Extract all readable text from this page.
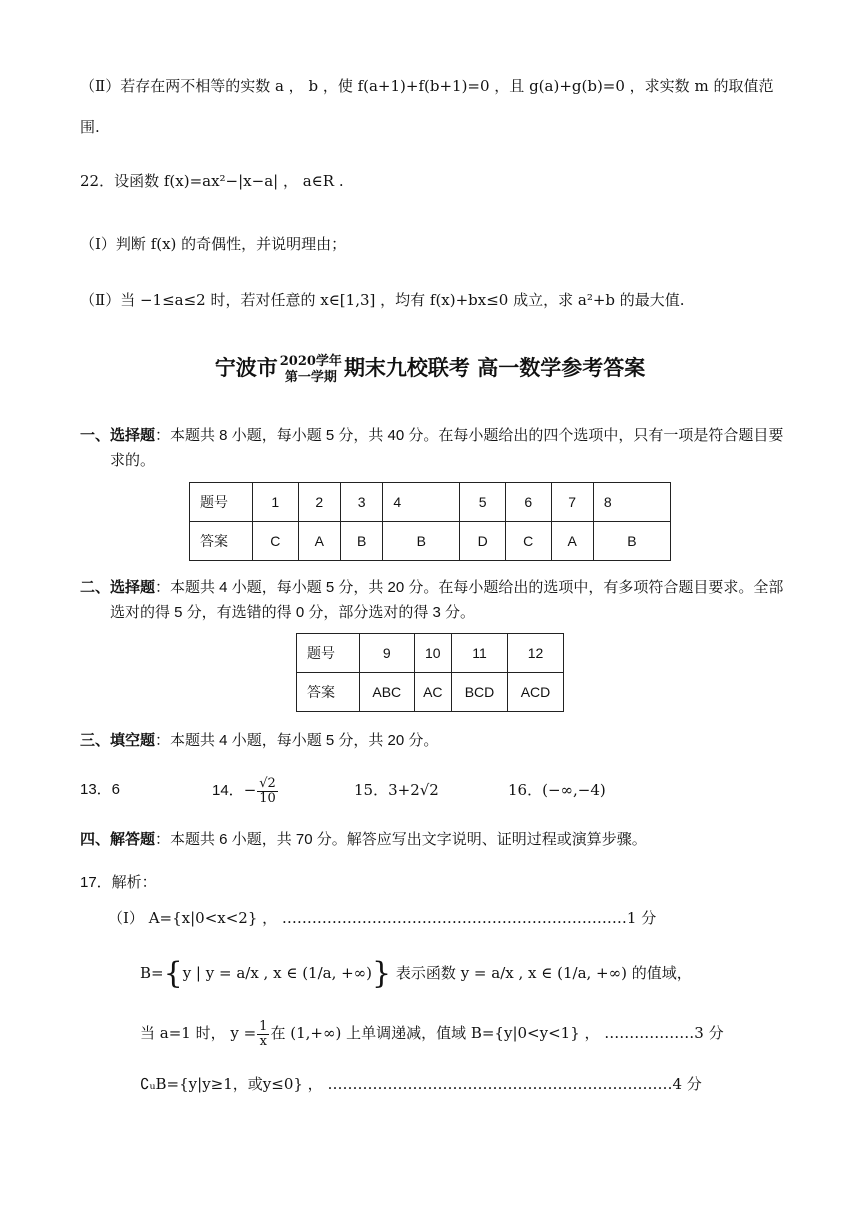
（Ⅱ）若存在两不相等的实数 a ， b ，使 f(a+1)+f(b+1)=0 ，且 g(a)+g(b)=0 ，求实数 m 的取值范
围.
22．设函数 f(x)=ax²−|x−a| ， a∈R .
（Ⅰ）判断 f(x) 的奇偶性，并说明理由；
（Ⅱ）当 −1≤a≤2 时，若对任意的 x∈[1,3] ，均有 f(x)+bx≤0 成立，求 a²+b 的最大值.
宁波市 2020学年
第一学期 期末九校联考 高一数学参考答案
一、选择题：本题共 8 小题，每小题 5 分，共 40 分。在每小题给出的四个选项中，只有一项是符合题目要
求的。
题号	1	2	3	4	5	6	7	8
答案	C	A	B	B	D	C	A	B
二、选择题：本题共 4 小题，每小题 5 分，共 20 分。在每小题给出的选项中，有多项符合题目要求。全部
选对的得 5 分，有选错的得 0 分，部分选对的得 3 分。
题号	9	10	11	12
答案	ABC	AC	BCD	ACD
三、填空题：本题共 4 小题，每小题 5 分，共 20 分。
13．6	14．− $\frac{√2}{10}$	15．3+2√2	16．(−∞,−4)
四、解答题：本题共 6 小题，共 70 分。解答应写出文字说明、证明过程或演算步骤。
17．解析：
（Ⅰ） A={x|0<x<2} ， ……………………………………………………………1 分
B={y | y = a/x , x ∈ (1/a, +∞)} 表示函数 y = a/x , x ∈ (1/a, +∞) 的值域，
当 a=1 时， $y = \frac{1}{x}$ 在 (1,+∞) 上单调递减，值域 B={y|0<y<1} ， ………………3 分
∁ᵤB={y|y≥1，或y≤0} ， ……………………………………………………………4 分
